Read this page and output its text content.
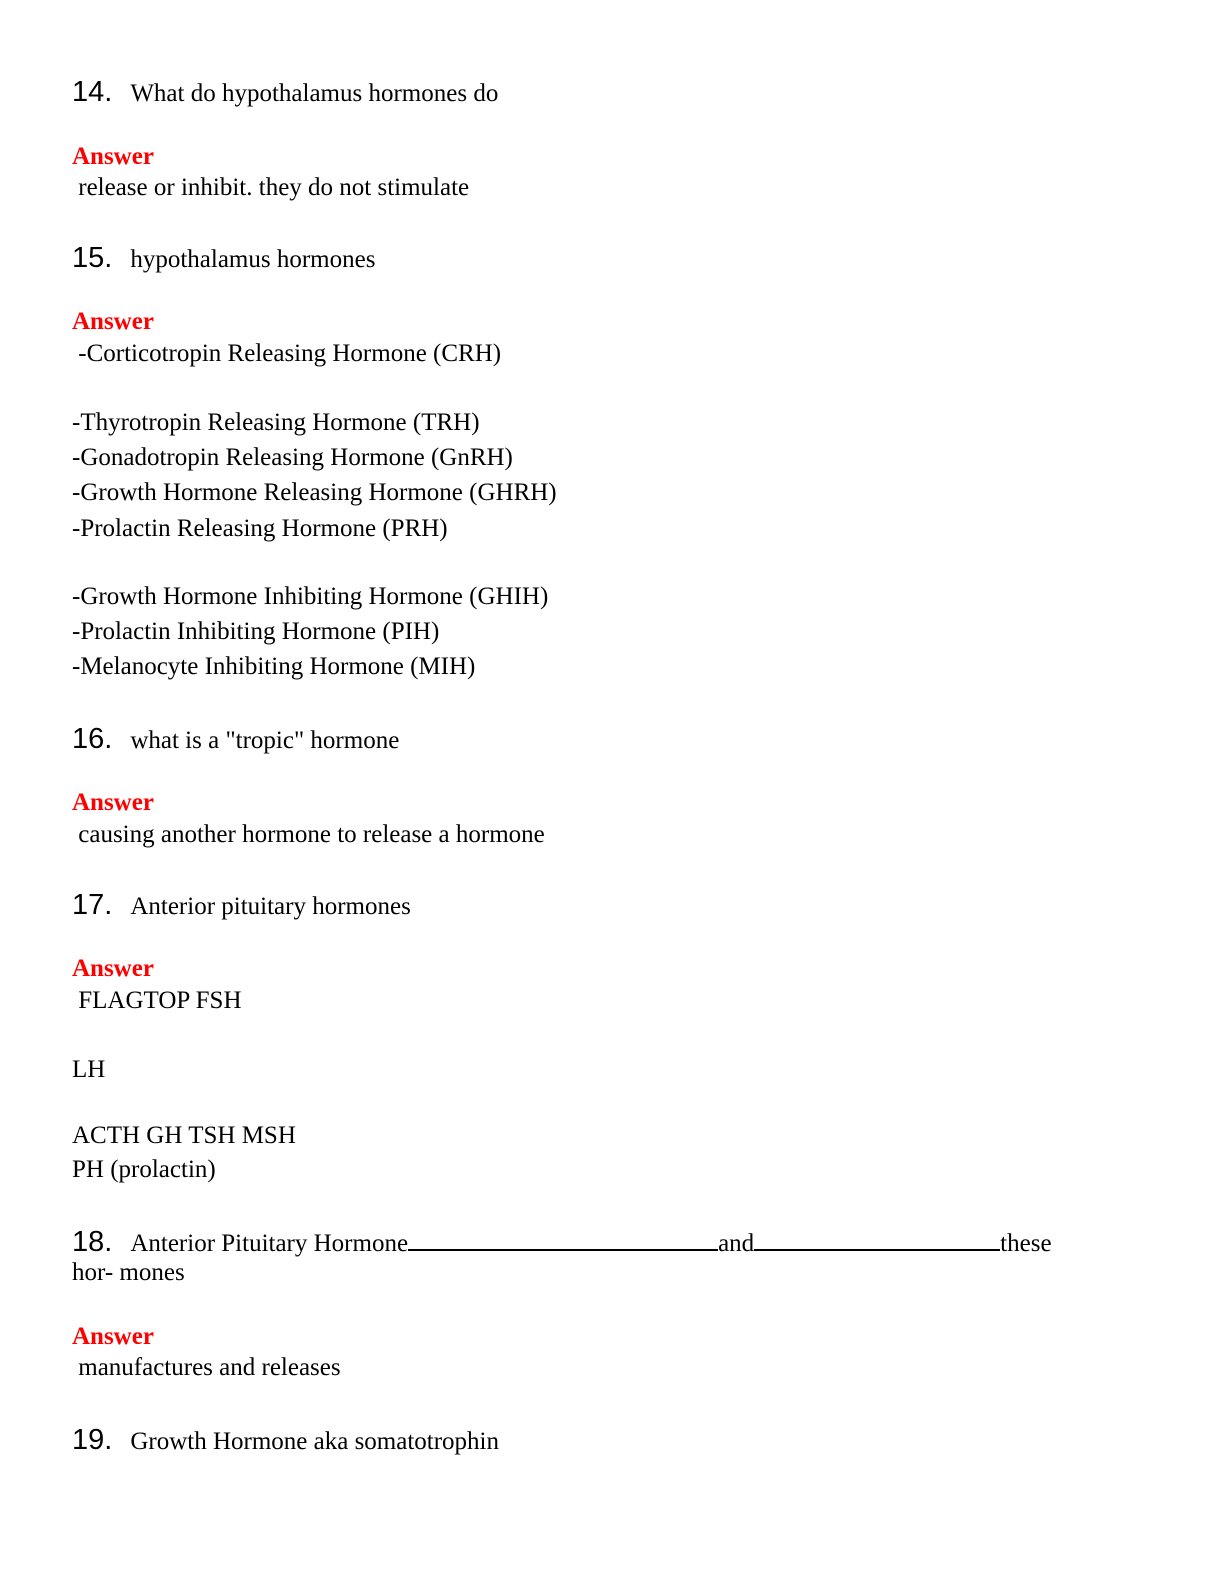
14. What do hypothalamus hormones do
Answer
release or inhibit. they do not stimulate
15. hypothalamus hormones
Answer
-Corticotropin Releasing Hormone (CRH)
-Thyrotropin Releasing Hormone (TRH)
-Gonadotropin Releasing Hormone (GnRH)
-Growth Hormone Releasing Hormone (GHRH)
-Prolactin Releasing Hormone (PRH)
-Growth Hormone Inhibiting Hormone (GHIH)
-Prolactin Inhibiting Hormone (PIH)
-Melanocyte Inhibiting Hormone (MIH)
16. what is a "tropic" hormone
Answer
causing another hormone to release a hormone
17. Anterior pituitary hormones
Answer
FLAGTOP FSH
LH
ACTH GH TSH MSH
PH (prolactin)
18. Anterior Pituitary Hormone	and	these
hor- mones
Answer
manufactures and releases
19. Growth Hormone aka somatotrophin
